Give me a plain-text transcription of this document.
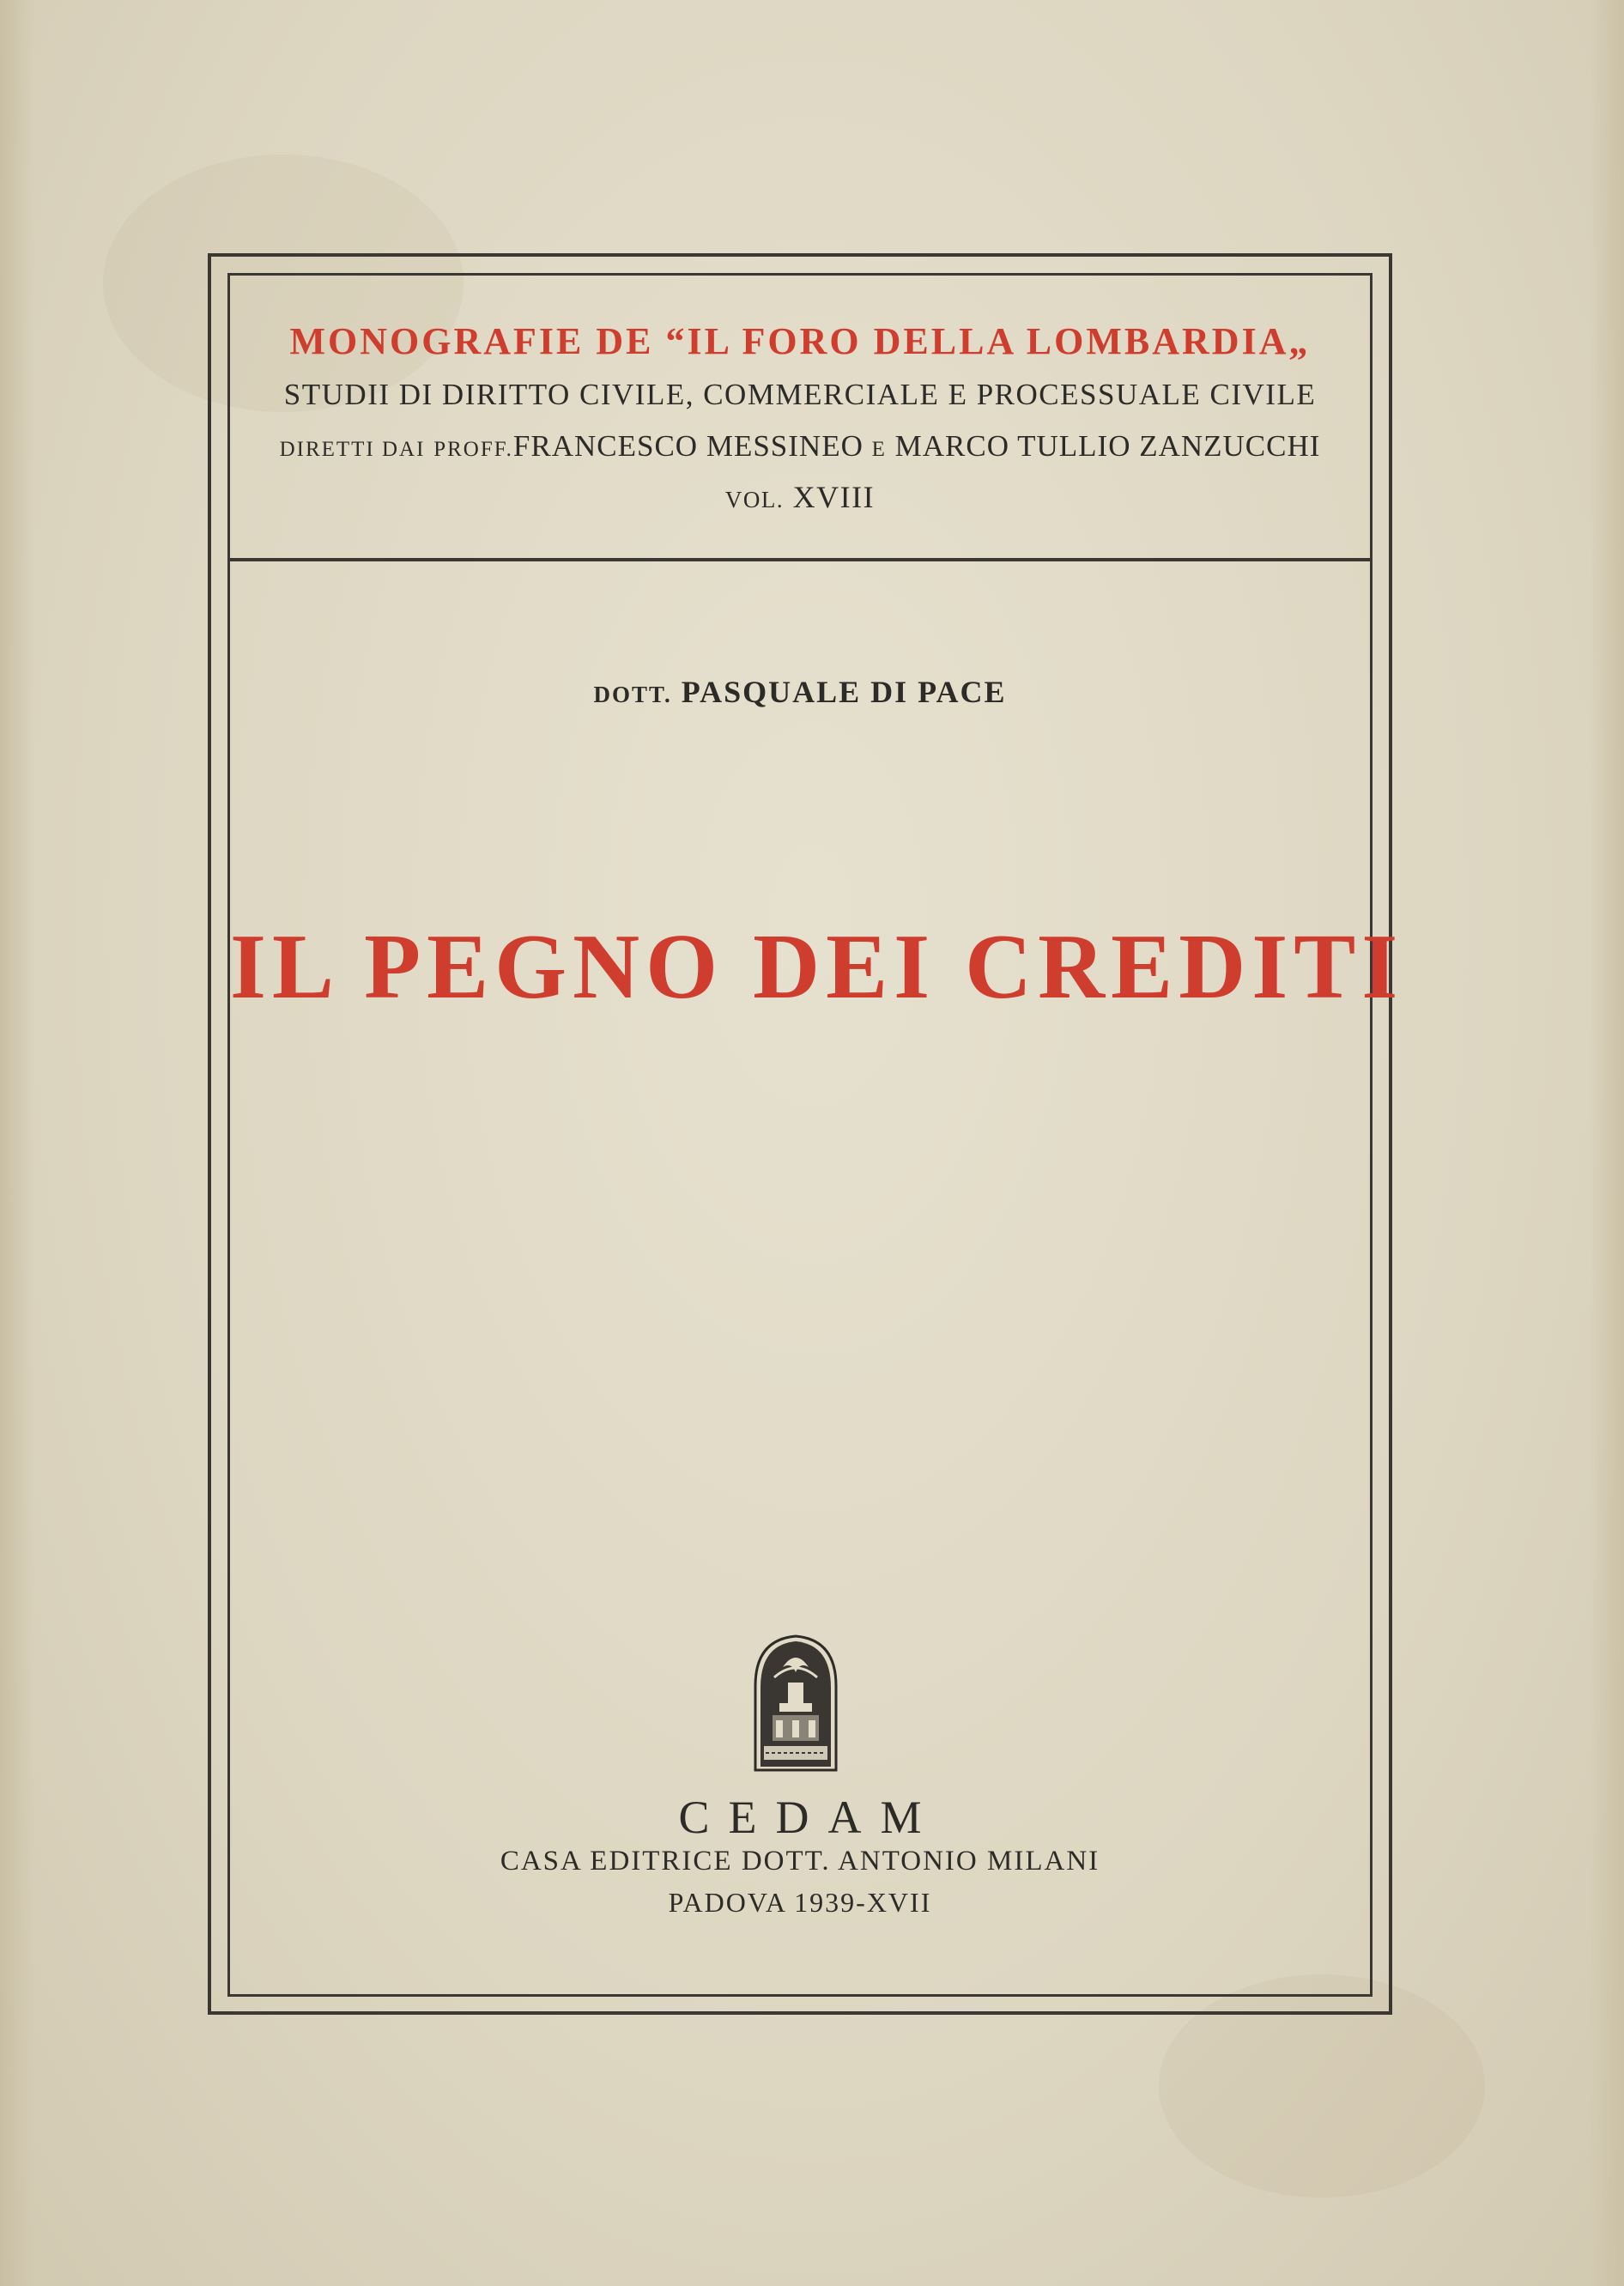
MONOGRAFIE DE “IL FORO DELLA LOMBARDIA„
STUDII DI DIRITTO CIVILE, COMMERCIALE E PROCESSUALE CIVILE
DIRETTI DAI PROFF.FRANCESCO MESSINEO E MARCO TULLIO ZANZUCCHI
VOL. XVIII
DOTT. PASQUALE DI PACE
IL PEGNO DEI CREDITI
CEDAM
CASA EDITRICE DOTT. ANTONIO MILANI
PADOVA 1939-XVII
